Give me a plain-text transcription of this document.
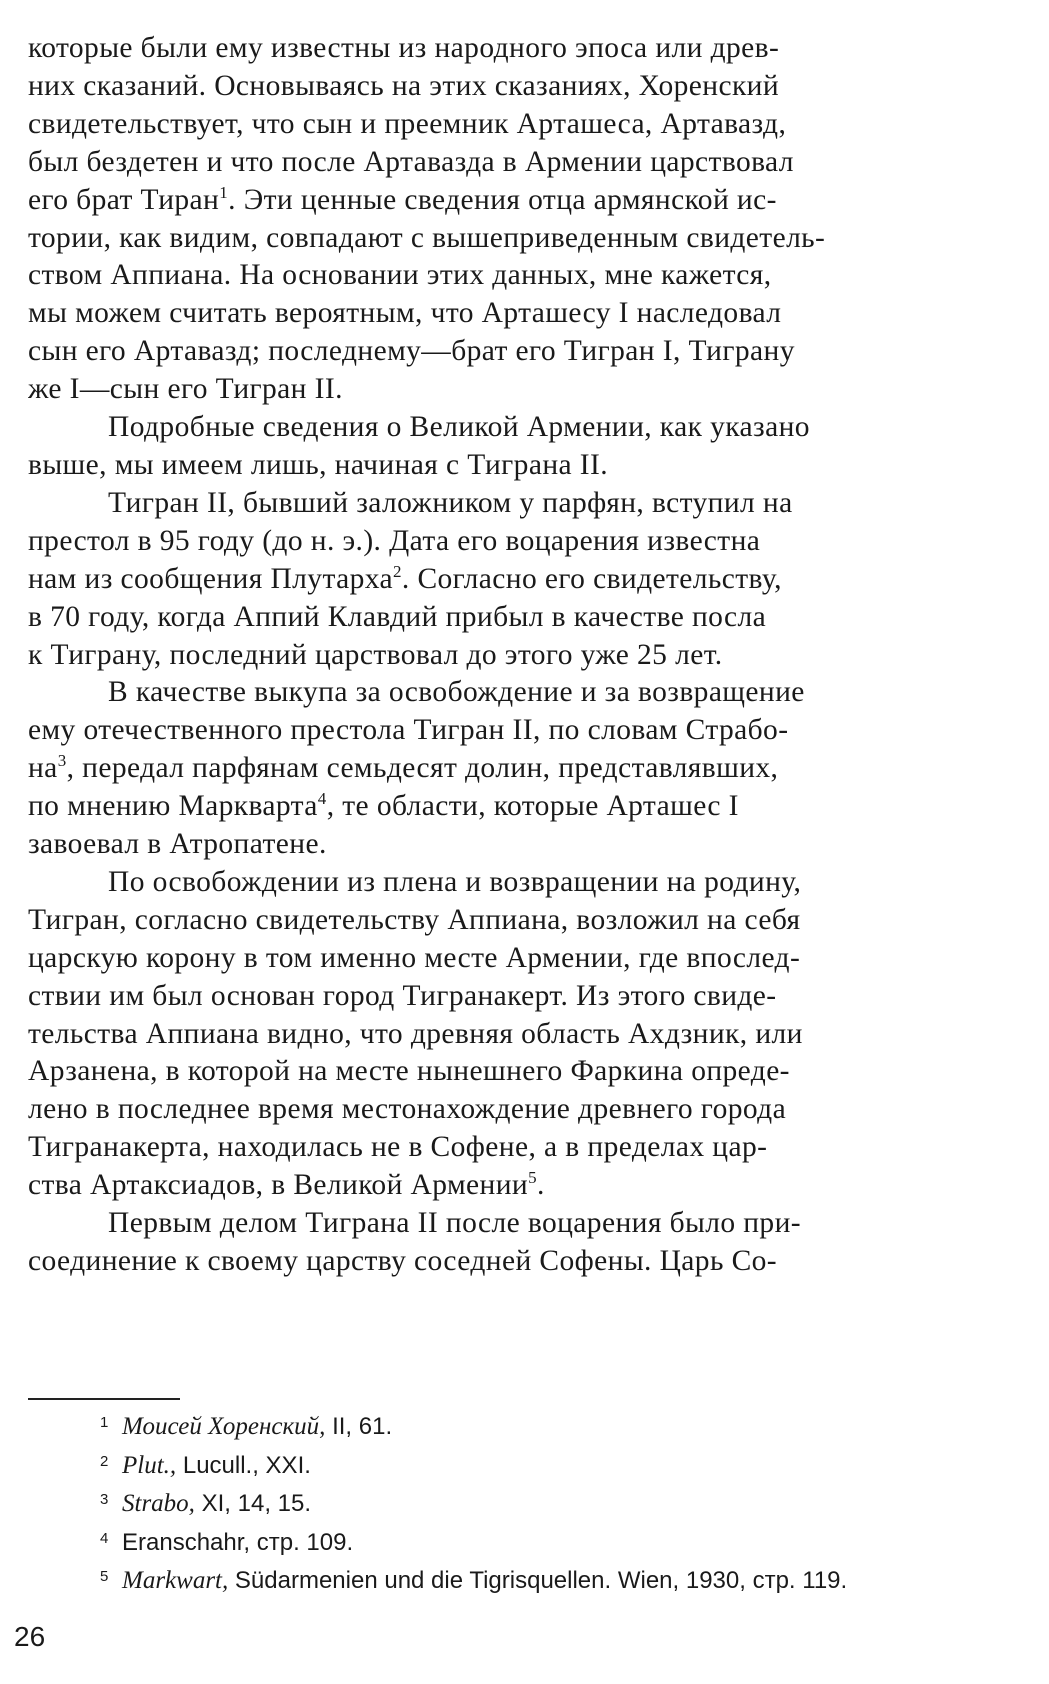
которые были ему известны из народного эпоса или древ-
них сказаний. Основываясь на этих сказаниях, Хоренский
свидетельствует, что сын и преемник Арташеса, Артавазд,
был бездетен и что после Артавазда в Армении царствовал
его брат Тиран$^1$. Эти ценные сведения отца армянской ис-
тории, как видим, совпадают с вышеприведенным свидетель-
ством Аппиана. На основании этих данных, мне кажется,
мы можем считать вероятным, что Арташесу I наследовал
сын его Артавазд; последнему—брат его Тигран I, Тиграну
же I—сын его Тигран II.
Подробные сведения о Великой Армении, как указано
выше, мы имеем лишь, начиная с Тиграна II.
Тигран II, бывший заложником у парфян, вступил на
престол в 95 году (до н. э.). Дата его воцарения известна
нам из сообщения Плутарха$^2$. Согласно его свидетельству,
в 70 году, когда Аппий Клавдий прибыл в качестве посла
к Тиграну, последний царствовал до этого уже 25 лет.
В качестве выкупа за освобождение и за возвращение
ему отечественного престола Тигран II, по словам Страбо-
$на^3$, передал парфянам семьдесят долин, представлявших,
по мнению Маркварта$^4$, те области, которые Арташес I
завоевал в Атропатене.
По освобождении из плена и возвращении на родину,
Тигран, согласно свидетельству Аппиана, возложил на себя
царскую корону в том именно месте Армении, где впослед-
ствии им был основан город Тигранакерт. Из этого свиде-
тельства Аппиана видно, что древняя область Ахдзник, или
Арзанена, в которой на месте нынешнего Фаркина опреде-
лено в последнее время местонахождение древнего города
Тигранакерта, находилась не в Софене, а в пределах цар-
ства Артаксиадов, в Великой Армении$^5$.
Первым делом Тиграна II после воцарения было при-
соединение к своему царству соседней Софены. Царь Со-
1 Моисей Хоренский, II, 61.
2 Plut., Lucull., XXI.
3 Strabo, XI, 14, 15.
4 Eranschahr, стр. 109.
5 Markwart, Südarmenien und die Tigrisquellen. Wien, 1930, стр. 119.
26
